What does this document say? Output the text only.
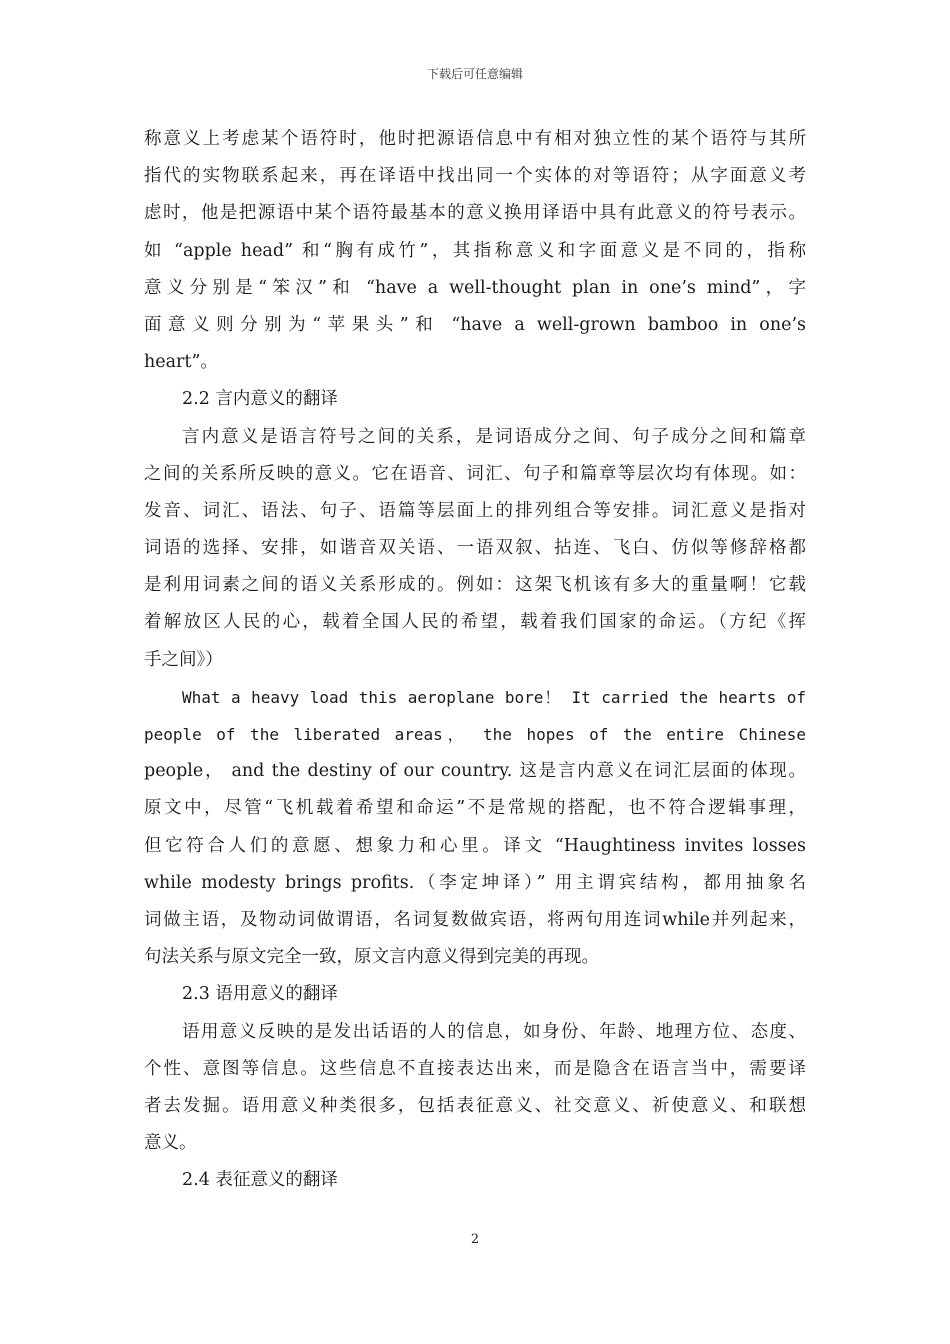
下载后可任意编辑
称意义上考虑某个语符时，他时把源语信息中有相对独立性的某个语符与其所
指代的实物联系起来，再在译语中找出同一个实体的对等语符；从字面意义考
虑时，他是把源语中某个语符最基本的意义换用译语中具有此意义的符号表示。
如 “apple head” 和“胸有成竹”，其指称意义和字面意义是不同的，指称
意义分别是“笨汉”和 “have a well-thought plan in one’s mind”，字
面意义则分别为“苹果头”和 “have a well-grown bamboo in one’s
heart”。
2.2 言内意义的翻译
言内意义是语言符号之间的关系，是词语成分之间、句子成分之间和篇章
之间的关系所反映的意义。它在语音、词汇、句子和篇章等层次均有体现。如：
发音、词汇、语法、句子、语篇等层面上的排列组合等安排。词汇意义是指对
词语的选择、安排，如谐音双关语、一语双叙、拈连、飞白、仿似等修辞格都
是利用词素之间的语义关系形成的。例如：这架飞机该有多大的重量啊！它载
着解放区人民的心，载着全国人民的希望，载着我们国家的命运。（方纪《挥
手之间》）
What a heavy load this aeroplane bore！ It carried the hearts of
people of the liberated areas， the hopes of the entire Chinese
people， and the destiny of our country. 这是言内意义在词汇层面的体现。
原文中，尽管“飞机载着希望和命运”不是常规的搭配，也不符合逻辑事理，
但它符合人们的意愿、想象力和心里。译文 “Haughtiness invites losses
while modesty brings profits.（李定坤译）” 用主谓宾结构，都用抽象名
词做主语，及物动词做谓语，名词复数做宾语，将两句用连词while并列起来，
句法关系与原文完全一致，原文言内意义得到完美的再现。
2.3 语用意义的翻译
语用意义反映的是发出话语的人的信息，如身份、年龄、地理方位、态度、
个性、意图等信息。这些信息不直接表达出来，而是隐含在语言当中，需要译
者去发掘。语用意义种类很多，包括表征意义、社交意义、祈使意义、和联想
意义。
2.4 表征意义的翻译
2
